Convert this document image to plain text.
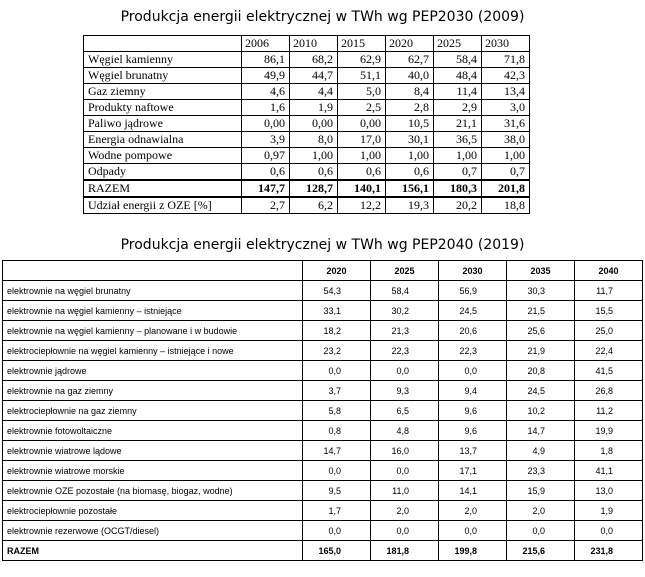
Produkcja energii elektrycznej w TWh wg PEP2030 (2009)
	2006	2010	2015	2020	2025	2030
Węgiel kamienny	86,1	68,2	62,9	62,7	58,4	71,8
Węgiel brunatny	49,9	44,7	51,1	40,0	48,4	42,3
Gaz ziemny	4,6	4,4	5,0	8,4	11,4	13,4
Produkty naftowe	1,6	1,9	2,5	2,8	2,9	3,0
Paliwo jądrowe	0,00	0,00	0,00	10,5	21,1	31,6
Energia odnawialna	3,9	8,0	17,0	30,1	36,5	38,0
Wodne pompowe	0,97	1,00	1,00	1,00	1,00	1,00
Odpady	0,6	0,6	0,6	0,6	0,7	0,7
RAZEM	147,7	128,7	140,1	156,1	180,3	201,8
Udział energii z OZE [%]	2,7	6,2	12,2	19,3	20,2	18,8
Produkcja energii elektrycznej w TWh wg PEP2040 (2019)
	2020	2025	2030	2035	2040
elektrownie na węgiel brunatny	54,3	58,4	56,9	30,3	11,7
elektrownie na węgiel kamienny – istniejące	33,1	30,2	24,5	21,5	15,5
elektrownie na węgiel kamienny – planowane i w budowie	18,2	21,3	20,6	25,6	25,0
elektrociepłownie na węgiel kamienny – istniejące i nowe	23,2	22,3	22,3	21,9	22,4
elektrownie jądrowe	0,0	0,0	0,0	20,8	41,5
elektrownie na gaz ziemny	3,7	9,3	9,4	24,5	26,8
elektrociepłownie na gaz ziemny	5,8	6,5	9,6	10,2	11,2
elektrownie fotowoltaiczne	0,8	4,8	9,6	14,7	19,9
elektrownie wiatrowe lądowe	14,7	16,0	13,7	4,9	1,8
elektrownie wiatrowe morskie	0,0	0,0	17,1	23,3	41,1
elektrownie OZE pozostałe (na biomasę, biogaz, wodne)	9,5	11,0	14,1	15,9	13,0
elektrociepłownie pozostałe	1,7	2,0	2,0	2,0	1,9
elektrownie rezerwowe (OCGT/diesel)	0,0	0,0	0,0	0,0	0,0
RAZEM	165,0	181,8	199,8	215,6	231,8
